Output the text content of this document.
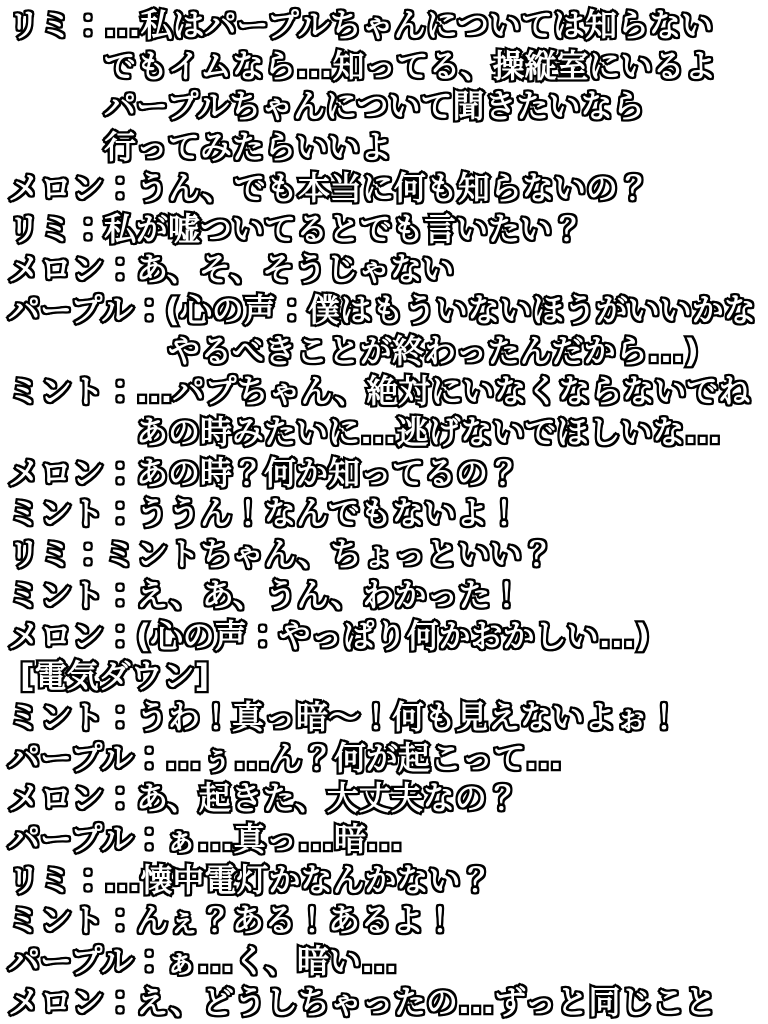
リミ：...私はパープルちゃんについては知らない
でもイムなら...知ってる、操縦室にいるよ
パープルちゃんについて聞きたいなら
行ってみたらいいよ
メロン：うん、でも本当に何も知らないの？
リミ：私が嘘ついてるとでも言いたい？
メロン：あ、そ、そうじゃない
パープル：(心の声：僕はもういないほうがいいかな
やるべきことが終わったんだから...)
ミント：...パプちゃん、絶対にいなくならないでね
あの時みたいに...逃げないでほしいな...
メロン：あの時？何か知ってるの？
ミント：ううん！なんでもないよ！
リミ：ミントちゃん、ちょっといい？
ミント：え、あ、うん、わかった！
メロン：(心の声：やっぱり何かおかしい...)
[電気ダウン]
ミント：うわ！真っ暗〜！何も見えないよぉ！
パープル：...ぅ...ん？何が起こって...
メロン：あ、起きた、大丈夫なの？
パープル：ぁ...真っ...暗...
リミ：...懐中電灯かなんかない？
ミント：んぇ？ある！あるよ！
パープル：ぁ...く、暗い...
メロン：え、どうしちゃったの...ずっと同じこと
